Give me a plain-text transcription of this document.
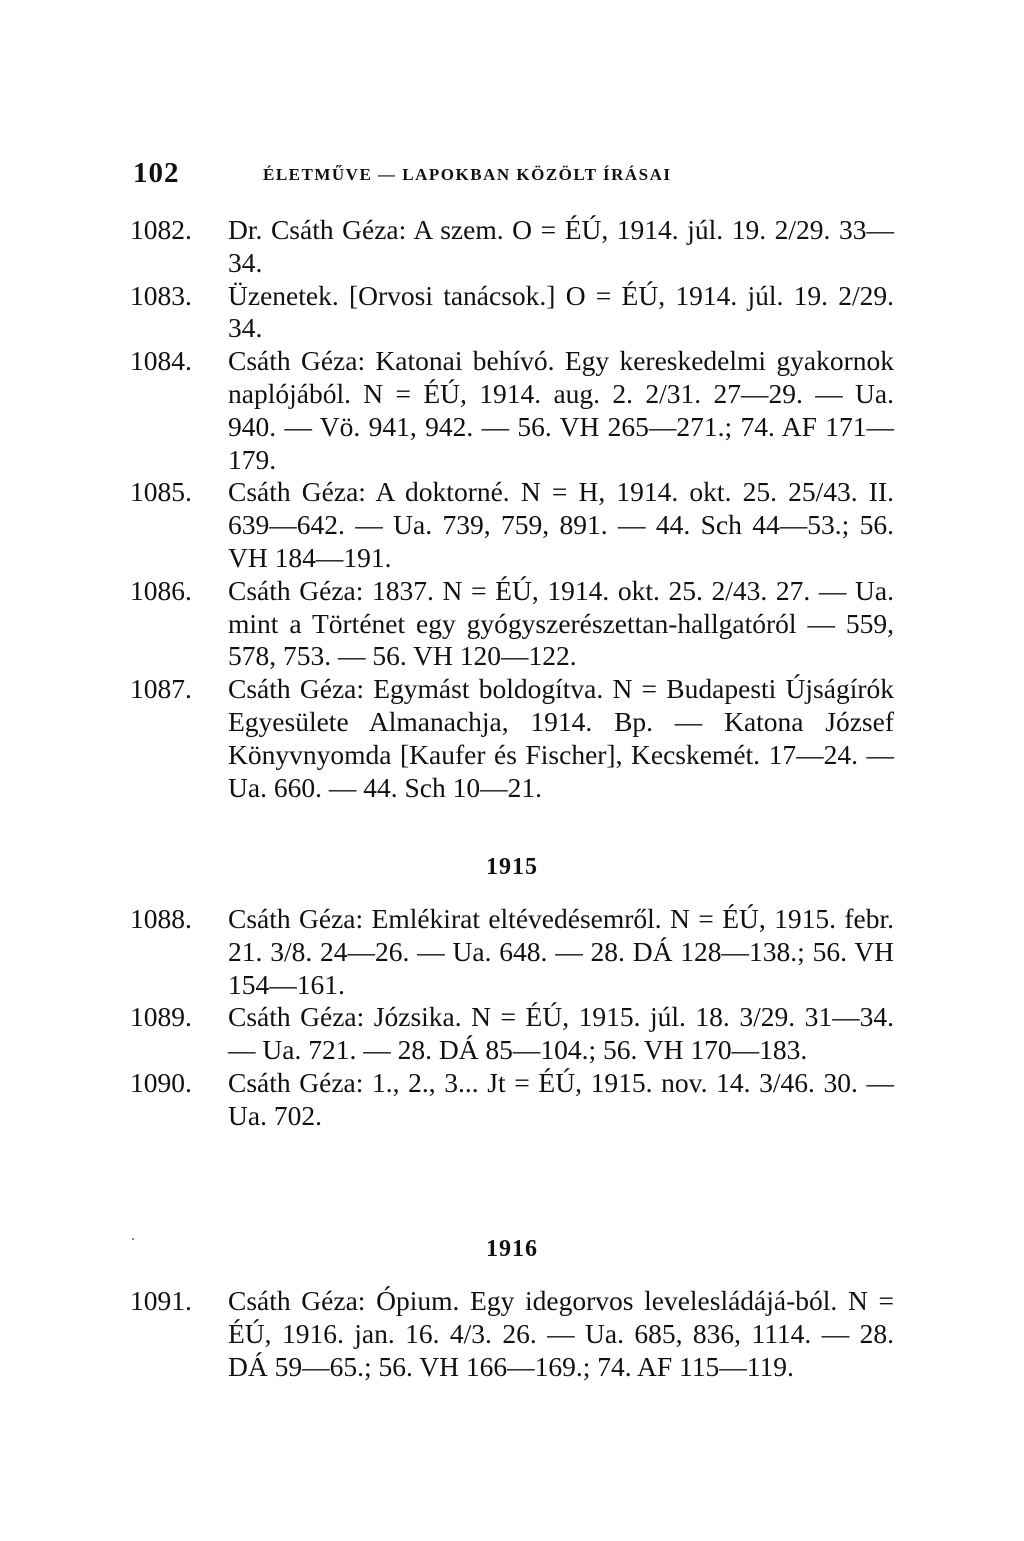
102	ÉLETMŰVE — LAPOKBAN KÖZÖLT ÍRÁSAI
1082.	Dr. Csáth Géza: A szem. O = ÉÚ, 1914. júl. 19. 2/29. 33—34.
1083.	Üzenetek. [Orvosi tanácsok.] O = ÉÚ, 1914. júl. 19. 2/29. 34.
1084.	Csáth Géza: Katonai behívó. Egy kereskedelmi gyakornok naplójából. N = ÉÚ, 1914. aug. 2. 2/31. 27—29. — Ua. 940. — Vö. 941, 942. — 56. VH 265—271.; 74. AF 171—179.
1085.	Csáth Géza: A doktorné. N = H, 1914. okt. 25. 25/43. II. 639—642. — Ua. 739, 759, 891. — 44. Sch 44—53.; 56. VH 184—191.
1086.	Csáth Géza: 1837. N = ÉÚ, 1914. okt. 25. 2/43. 27. — Ua. mint a Történet egy gyógyszerészettan-hallgatóról — 559, 578, 753. — 56. VH 120—122.
1087.	Csáth Géza: Egymást boldogítva. N = Budapesti Újságírók Egyesülete Almanachja, 1914. Bp. — Katona József Könyvnyomda [Kaufer és Fischer], Kecskemét. 17—24. — Ua. 660. — 44. Sch 10—21.
1915
1088.	Csáth Géza: Emlékirat eltévedésemről. N = ÉÚ, 1915. febr. 21. 3/8. 24—26. — Ua. 648. — 28. DÁ 128—138.; 56. VH 154—161.
1089.	Csáth Géza: Józsika. N = ÉÚ, 1915. júl. 18. 3/29. 31—34. — Ua. 721. — 28. DÁ 85—104.; 56. VH 170—183.
1090.	Csáth Géza: 1., 2., 3... Jt = ÉÚ, 1915. nov. 14. 3/46. 30. — Ua. 702.
1916
1091.	Csáth Géza: Ópium. Egy idegorvos levelesládájá-ból. N = ÉÚ, 1916. jan. 16. 4/3. 26. — Ua. 685, 836, 1114. — 28. DÁ 59—65.; 56. VH 166—169.; 74. AF 115—119.
